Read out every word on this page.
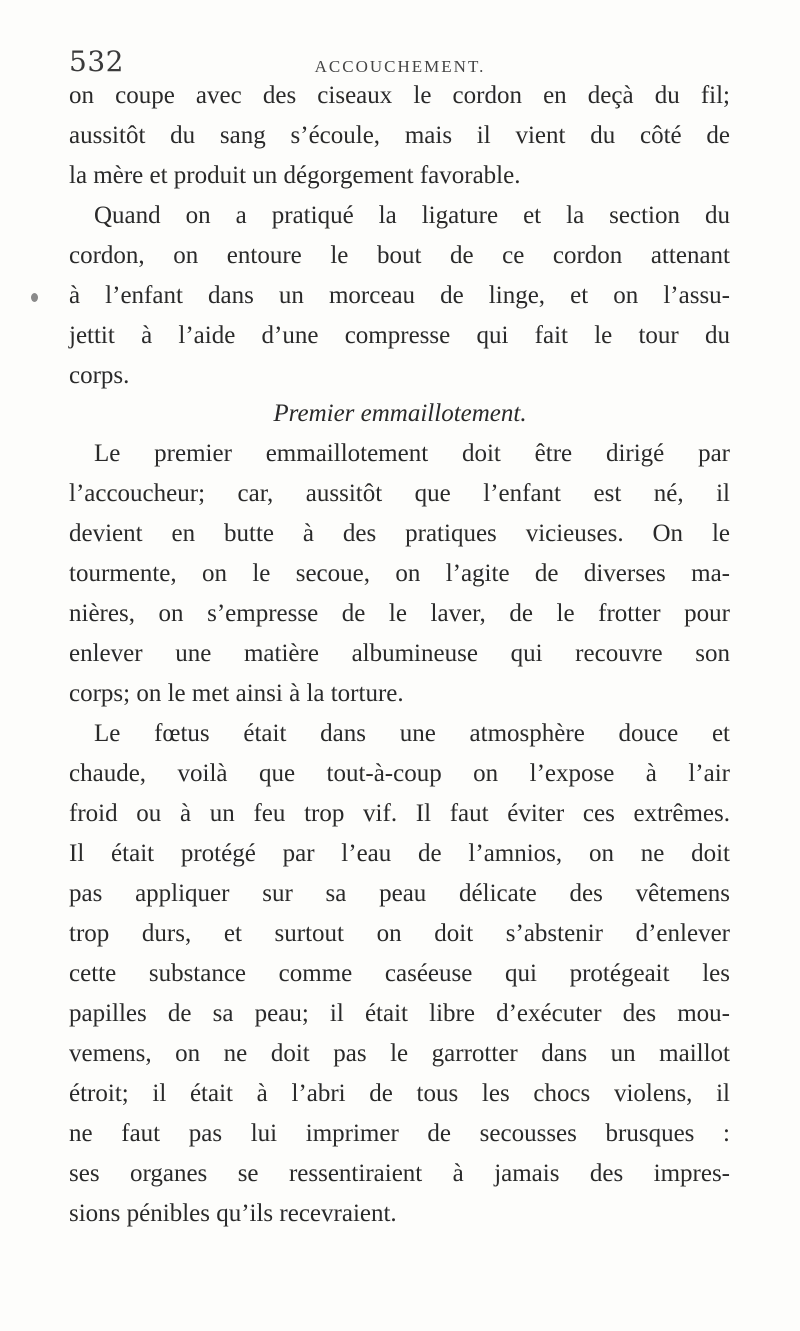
532	ACCOUCHEMENT.
on coupe avec des ciseaux le cordon en deçà du fil;
aussitôt du sang s’écoule, mais il vient du côté de
la mère et produit un dégorgement favorable.
Quand on a pratiqué la ligature et la section du
cordon, on entoure le bout de ce cordon attenant
à l’enfant dans un morceau de linge, et on l’assu-
jettit à l’aide d’une compresse qui fait le tour du
corps.
Premier emmaillotement.
Le premier emmaillotement doit être dirigé par
l’accoucheur; car, aussitôt que l’enfant est né, il
devient en butte à des pratiques vicieuses. On le
tourmente, on le secoue, on l’agite de diverses ma-
nières, on s’empresse de le laver, de le frotter pour
enlever une matière albumineuse qui recouvre son
corps; on le met ainsi à la torture.
Le fœtus était dans une atmosphère douce et
chaude, voilà que tout-à-coup on l’expose à l’air
froid ou à un feu trop vif. Il faut éviter ces extrêmes.
Il était protégé par l’eau de l’amnios, on ne doit
pas appliquer sur sa peau délicate des vêtemens
trop durs, et surtout on doit s’abstenir d’enlever
cette substance comme caséeuse qui protégeait les
papilles de sa peau; il était libre d’exécuter des mou-
vemens, on ne doit pas le garrotter dans un maillot
étroit; il était à l’abri de tous les chocs violens, il
ne faut pas lui imprimer de secousses brusques :
ses organes se ressentiraient à jamais des impres-
sions pénibles qu’ils recevraient.
